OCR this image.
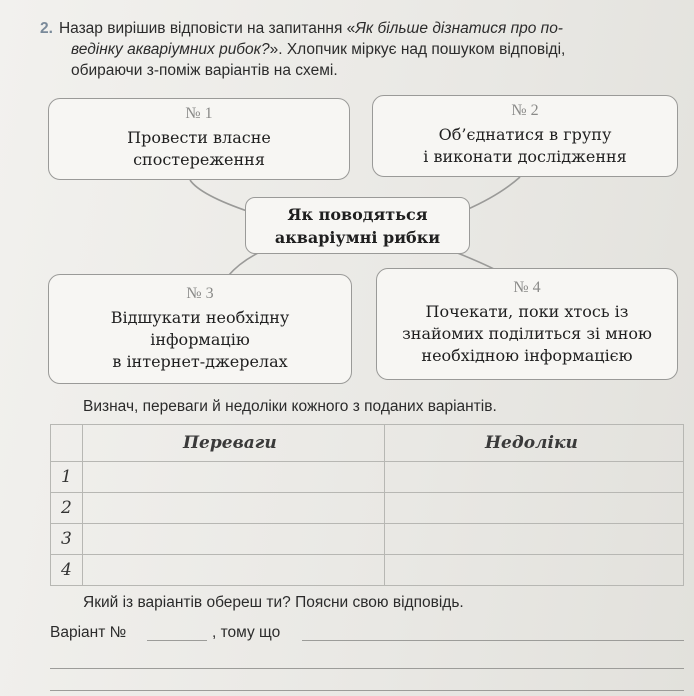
2. Назар вирішив відповісти на запитання «Як більше дізнатися про по-
ведінку акваріумних рибок?». Хлопчик міркує над пошуком відповіді,
обираючи з-поміж варіантів на схемі.
№ 1
Провести власне
спостереження
№ 2
Об’єднатися в групу
і виконати дослідження
Як поводяться
акваріумні рибки
№ 3
Відшукати необхідну
інформацію
в інтернет-джерелах
№ 4
Почекати, поки хтось із
знайомих поділиться зі мною
необхідною інформацією
Визнач, переваги й недоліки кожного з поданих варіантів.
	Переваги	Недоліки
1		
2		
3		
4		
Який із варіантів обереш ти? Поясни свою відповідь.
Варіант №	, тому що
